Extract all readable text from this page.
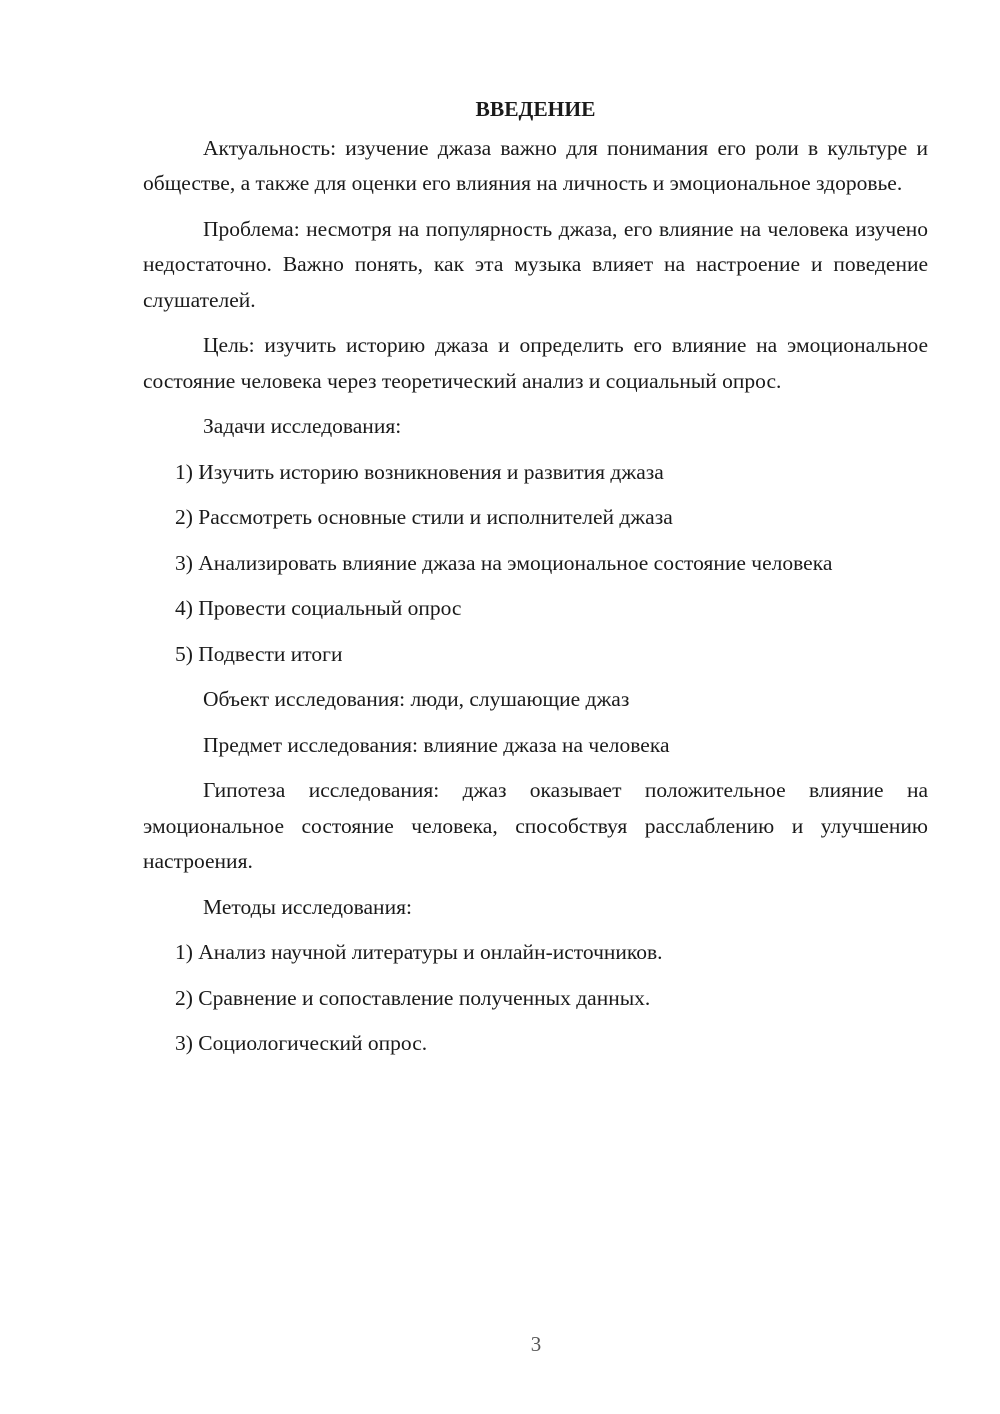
ВВЕДЕНИЕ

Актуальность: изучение джаза важно для понимания его роли в культуре и обществе, а также для оценки его влияния на личность и эмоциональное здоровье.

Проблема: несмотря на популярность джаза, его влияние на человека изучено недостаточно. Важно понять, как эта музыка влияет на настроение и поведение слушателей.

Цель: изучить историю джаза и определить его влияние на эмоциональное состояние человека через теоретический анализ и социальный опрос.

Задачи исследования:

1) Изучить историю возникновения и развития джаза

2) Рассмотреть основные стили и исполнителей джаза

3) Анализировать влияние джаза на эмоциональное состояние человека

4) Провести социальный опрос

5) Подвести итоги

Объект исследования: люди, слушающие джаз

Предмет исследования: влияние джаза на человека

Гипотеза исследования: джаз оказывает положительное влияние на эмоциональное состояние человека, способствуя расслаблению и улучшению настроения.

Методы исследования:

1) Анализ научной литературы и онлайн-источников.

2) Сравнение и сопоставление полученных данных.

3) Социологический опрос.

3
